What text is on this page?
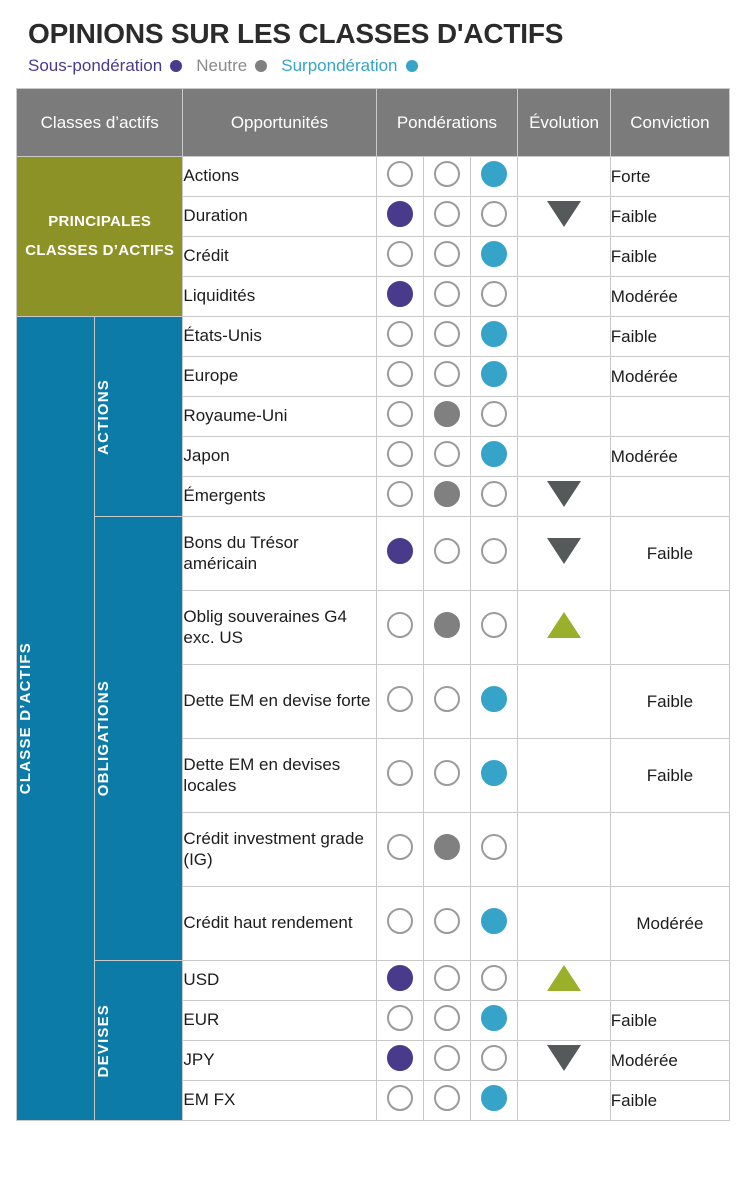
OPINIONS SUR LES CLASSES D'ACTIFS
Sous-pondération Neutre Surpondération
Classes d’actifs		Opportunités	Pondérations			Évolution	Conviction
PRINCIPALES CLASSES D’ACTIFS		Actions					Forte
		Duration					Faible
		Crédit					Faible
		Liquidités					Modérée

CLASSE D’ACTIFS	ACTIONS	États-Unis					Faible
		Europe					Modérée
		Royaume-Uni					
		Japon					Modérée
		Émergents					

	OBLIGATIONS	Bons du Trésor américain					Faible
		Oblig souveraines G4 exc. US					
		Dette EM en devise forte					Faible
		Dette EM en devises locales					Faible
		Crédit investment grade (IG)					
		Crédit haut rendement					Modérée

	DEVISES	USD					
		EUR					Faible
		JPY					Modérée
		EM FX					Faible
